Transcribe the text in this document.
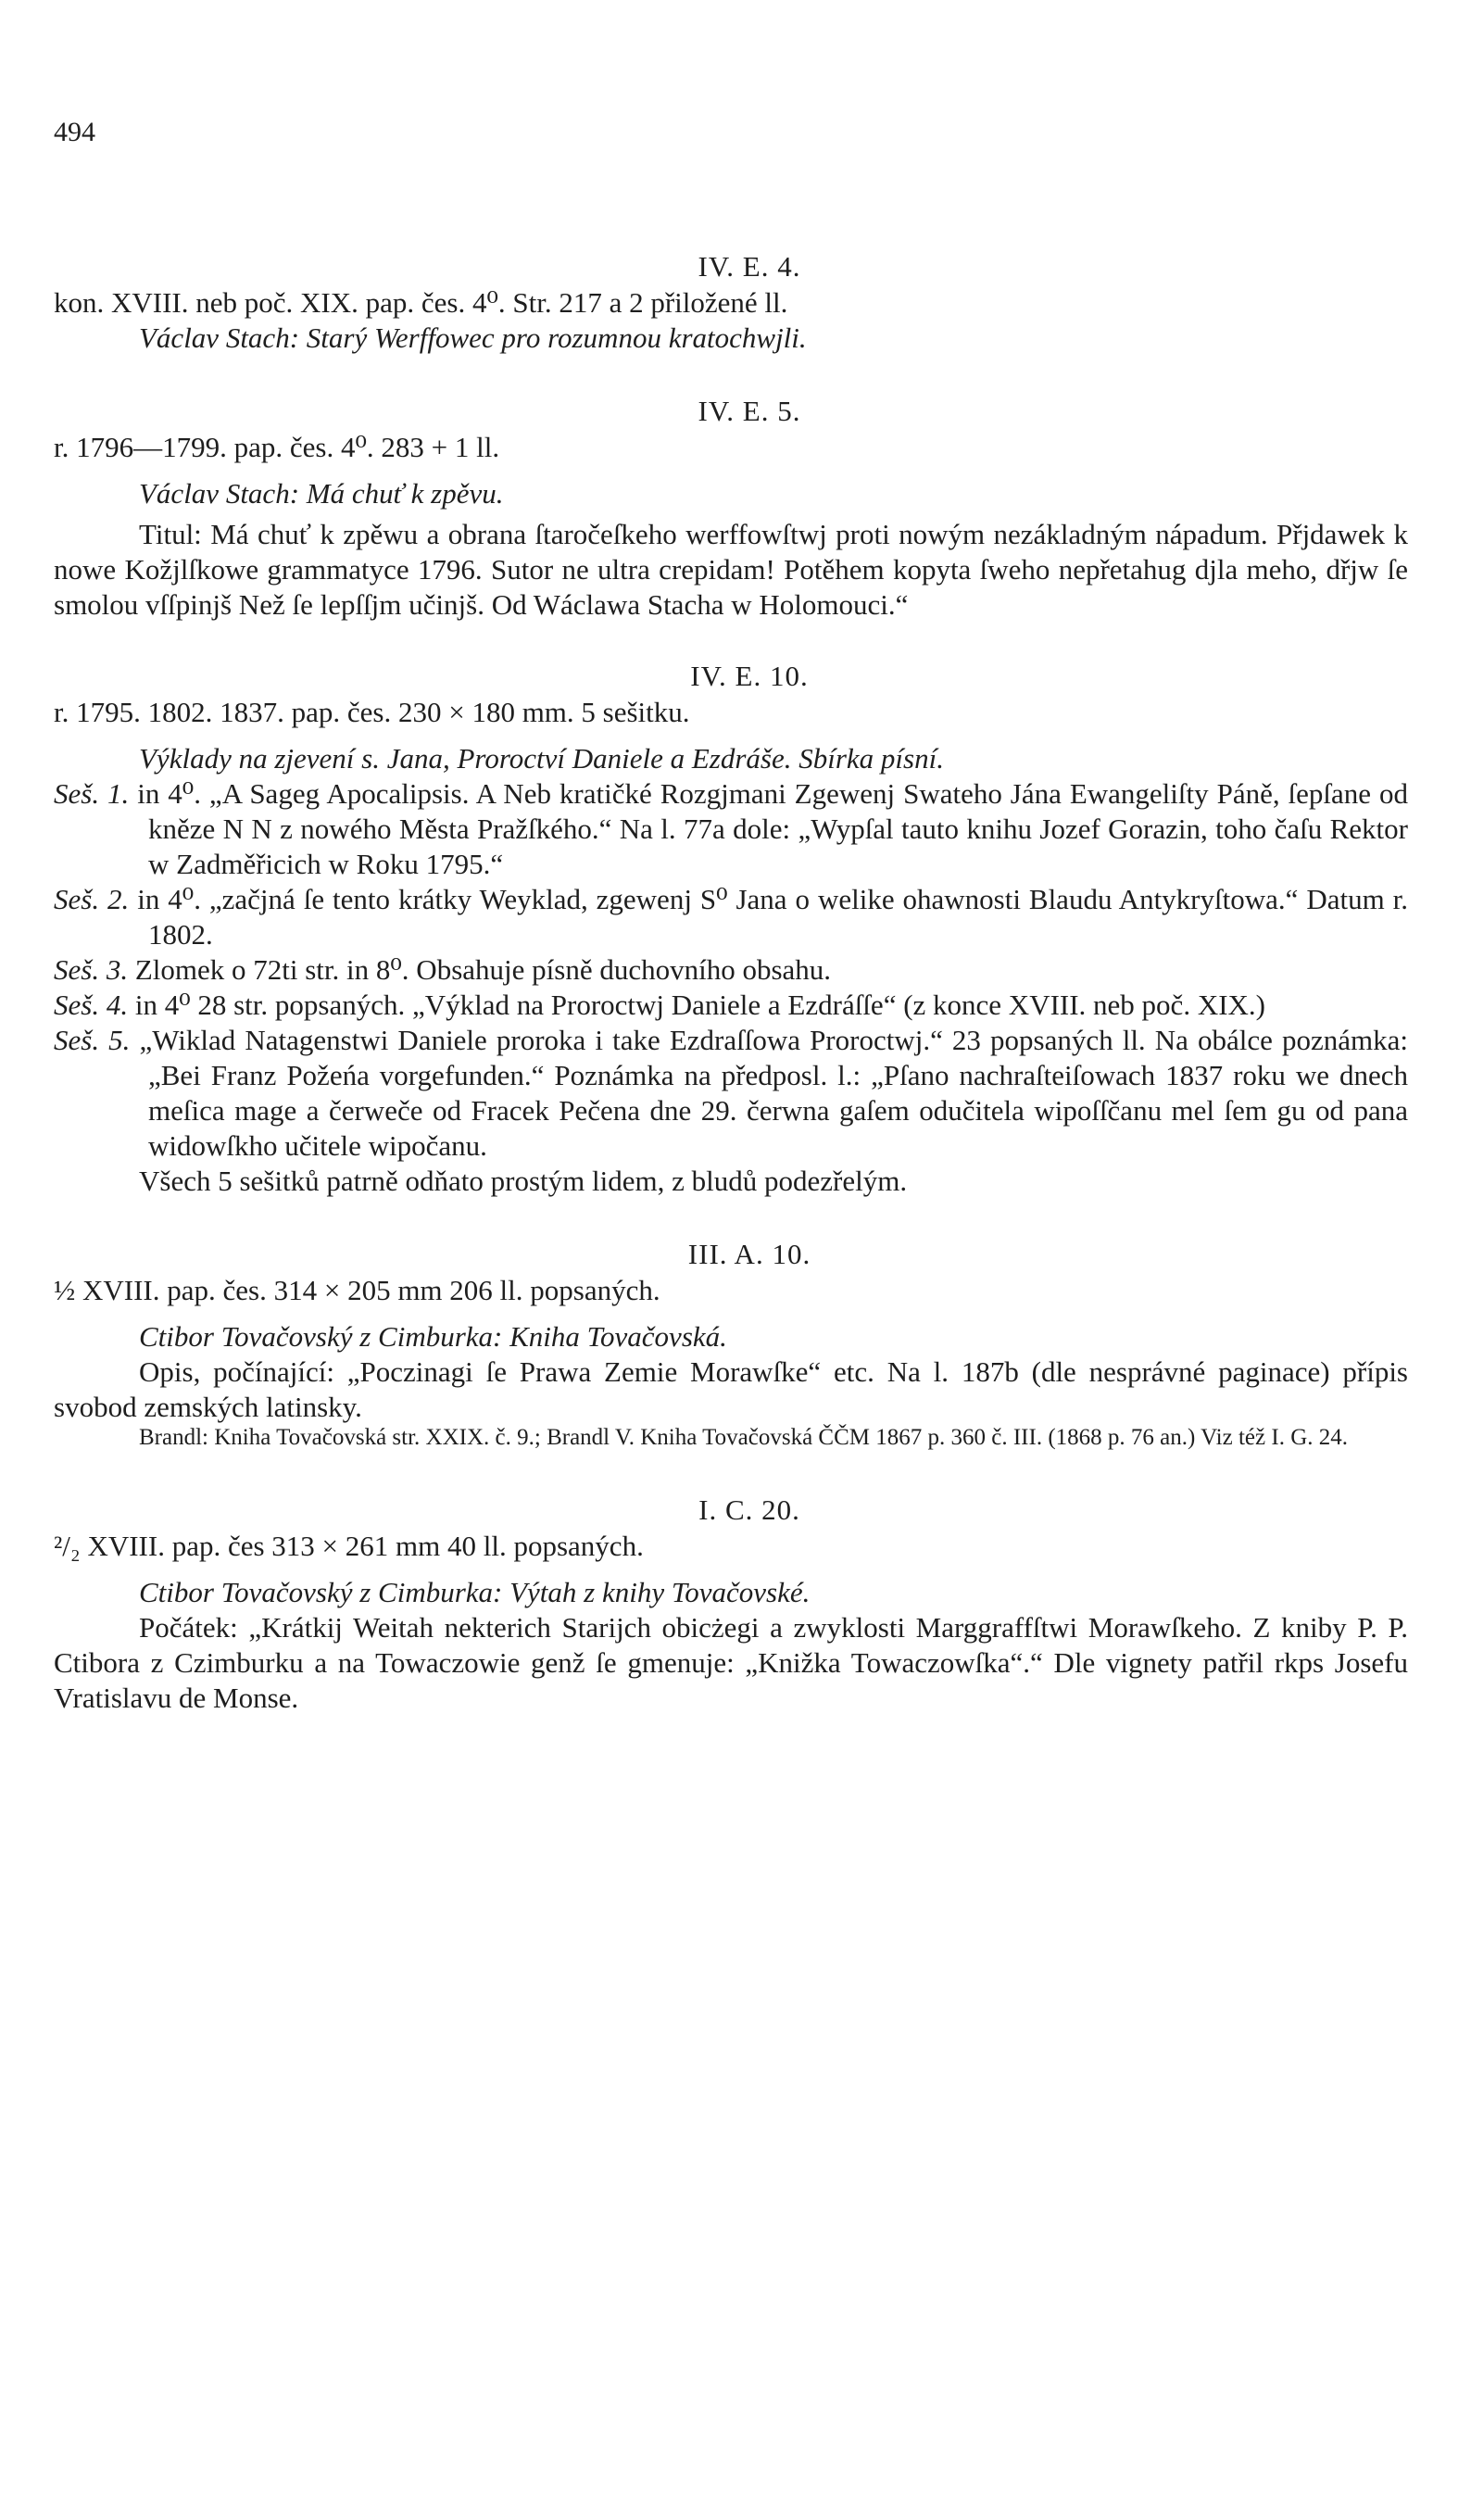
494
IV. E. 4.

kon. XVIII. neb poč. XIX. pap. čes. 4⁰. Str. 217 a 2 přiložené ll.

Václav Stach: Starý Werffowec pro rozumnou kratochwjli.

IV. E. 5.

r. 1796—1799. pap. čes. 4⁰. 283 + 1 ll.

Václav Stach: Má chuť k zpěvu.

Titul: Má chuť k zpěwu a obrana ſtaročeſkeho werffowſtwj proti nowým nezákladným nápadum. Přjdawek k nowe Kožjlſkowe grammatyce 1796. Sutor ne ultra crepidam! Potěhem kopyta ſweho nepřetahug djla meho, dřjw ſe smolou vſſpinjš Než ſe lepſſjm učinjš. Od Wáclawa Stacha w Holomouci.“

IV. E. 10.

r. 1795. 1802. 1837. pap. čes. 230 × 180 mm. 5 sešitku.

Výklady na zjevení s. Jana, Proroctví Daniele a Ezdráše. Sbírka písní.

Seš. 1. in 4⁰. „A Sageg Apocalipsis. A Neb kratičké Rozgjmani Zgewenj Swateho Jána Ewangeliſty Páně, ſepſane od kněze N N z nowého Města Pražſkého.“ Na l. 77a dole: „Wypſal tauto knihu Jozef Gorazin, toho čaſu Rektor w Zadměřicich w Roku 1795.“

Seš. 2. in 4⁰. „začjná ſe tento krátky Weyklad, zgewenj S⁰ Jana o welike ohawnosti Blaudu Antykryſtowa.“ Datum r. 1802.

Seš. 3. Zlomek o 72ti str. in 8⁰. Obsahuje písně duchovního obsahu.

Seš. 4. in 4⁰ 28 str. popsaných. „Výklad na Proroctwj Daniele a Ezdráſſe“ (z konce XVIII. neb poč. XIX.)

Seš. 5. „Wiklad Natagenstwi Daniele proroka i take Ezdraſſowa Proroctwj.“ 23 popsaných ll. Na obálce poznámka: „Bei Franz Požeńa vorgefunden.“ Poznámka na předposl. l.: „Pſano nachraſteiſowach 1837 roku we dnech meſica mage a čerweče od Fracek Pečena dne 29. čerwna gaſem odučitela wipoſſčanu mel ſem gu od pana widowſkho učitele wipočanu.

Všech 5 sešitků patrně odňato prostým lidem, z bludů podezřelým.

III. A. 10.

½ XVIII. pap. čes. 314 × 205 mm 206 ll. popsaných.

Ctibor Tovačovský z Cimburka: Kniha Tovačovská.

Opis, počínající: „Poczinagi ſe Prawa Zemie Morawſke“ etc. Na l. 187b (dle nesprávné paginace) přípis svobod zemských latinsky.

Brandl: Kniha Tovačovská str. XXIX. č. 9.; Brandl V. Kniha Tovačovská ČČM 1867 p. 360 č. III. (1868 p. 76 an.) Viz též I. G. 24.

I. C. 20.

²/₂ XVIII. pap. čes 313 × 261 mm 40 ll. popsaných.

Ctibor Tovačovský z Cimburka: Výtah z knihy Tovačovské.

Počátek: „Krátkij Weitah nekterich Starijch obicżegi a zwyklosti Marggraffſtwi Morawſkeho. Z kniby P. P. Ctibora z Czimburku a na Towaczowie genž ſe gmenuje: „Knižka Towaczowſka“.“ Dle vignety patřil rkps Josefu Vratislavu de Monse.
